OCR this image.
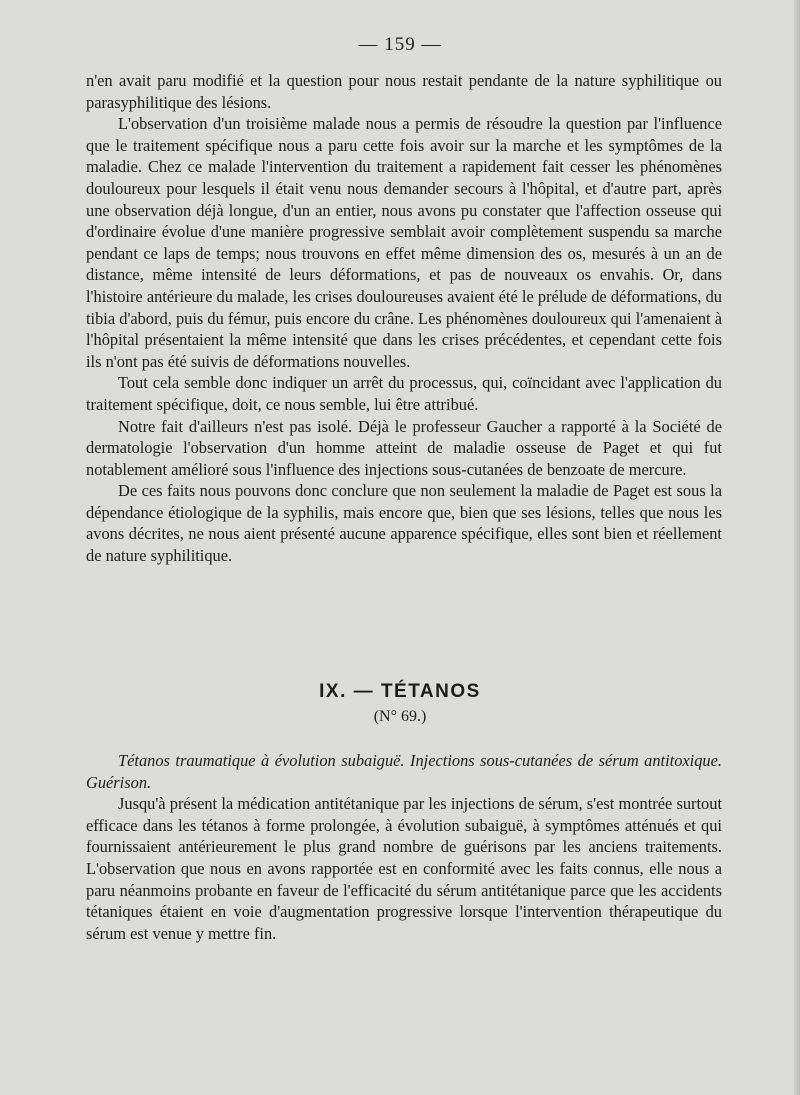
— 159 —

n'en avait paru modifié et la question pour nous restait pendante de la nature syphilitique ou parasyphilitique des lésions.

L'observation d'un troisième malade nous a permis de résoudre la question par l'influence que le traitement spécifique nous a paru cette fois avoir sur la marche et les symptômes de la maladie. Chez ce malade l'intervention du traitement a rapidement fait cesser les phénomènes douloureux pour lesquels il était venu nous demander secours à l'hôpital, et d'autre part, après une observation déjà longue, d'un an entier, nous avons pu constater que l'affection osseuse qui d'ordinaire évolue d'une manière progressive semblait avoir complètement suspendu sa marche pendant ce laps de temps; nous trouvons en effet même dimension des os, mesurés à un an de distance, même intensité de leurs déformations, et pas de nouveaux os envahis. Or, dans l'histoire antérieure du malade, les crises douloureuses avaient été le prélude de déformations, du tibia d'abord, puis du fémur, puis encore du crâne. Les phénomènes douloureux qui l'amenaient à l'hôpital présentaient la même intensité que dans les crises précédentes, et cependant cette fois ils n'ont pas été suivis de déformations nouvelles.

Tout cela semble donc indiquer un arrêt du processus, qui, coïncidant avec l'application du traitement spécifique, doit, ce nous semble, lui être attribué.

Notre fait d'ailleurs n'est pas isolé. Déjà le professeur Gaucher a rapporté à la Société de dermatologie l'observation d'un homme atteint de maladie osseuse de Paget et qui fut notablement amélioré sous l'influence des injections sous-cutanées de benzoate de mercure.

De ces faits nous pouvons donc conclure que non seulement la maladie de Paget est sous la dépendance étiologique de la syphilis, mais encore que, bien que ses lésions, telles que nous les avons décrites, ne nous aient présenté aucune apparence spécifique, elles sont bien et réellement de nature syphilitique.

IX. — TÉTANOS
(N° 69.)

Tétanos traumatique à évolution subaiguë. Injections sous-cutanées de sérum antitoxique. Guérison.

Jusqu'à présent la médication antitétanique par les injections de sérum, s'est montrée surtout efficace dans les tétanos à forme prolongée, à évolution subaiguë, à symptômes atténués et qui fournissaient antérieurement le plus grand nombre de guérisons par les anciens traitements. L'observation que nous en avons rapportée est en conformité avec les faits connus, elle nous a paru néanmoins probante en faveur de l'efficacité du sérum antitétanique parce que les accidents tétaniques étaient en voie d'augmentation progressive lorsque l'intervention thérapeutique du sérum est venue y mettre fin.
